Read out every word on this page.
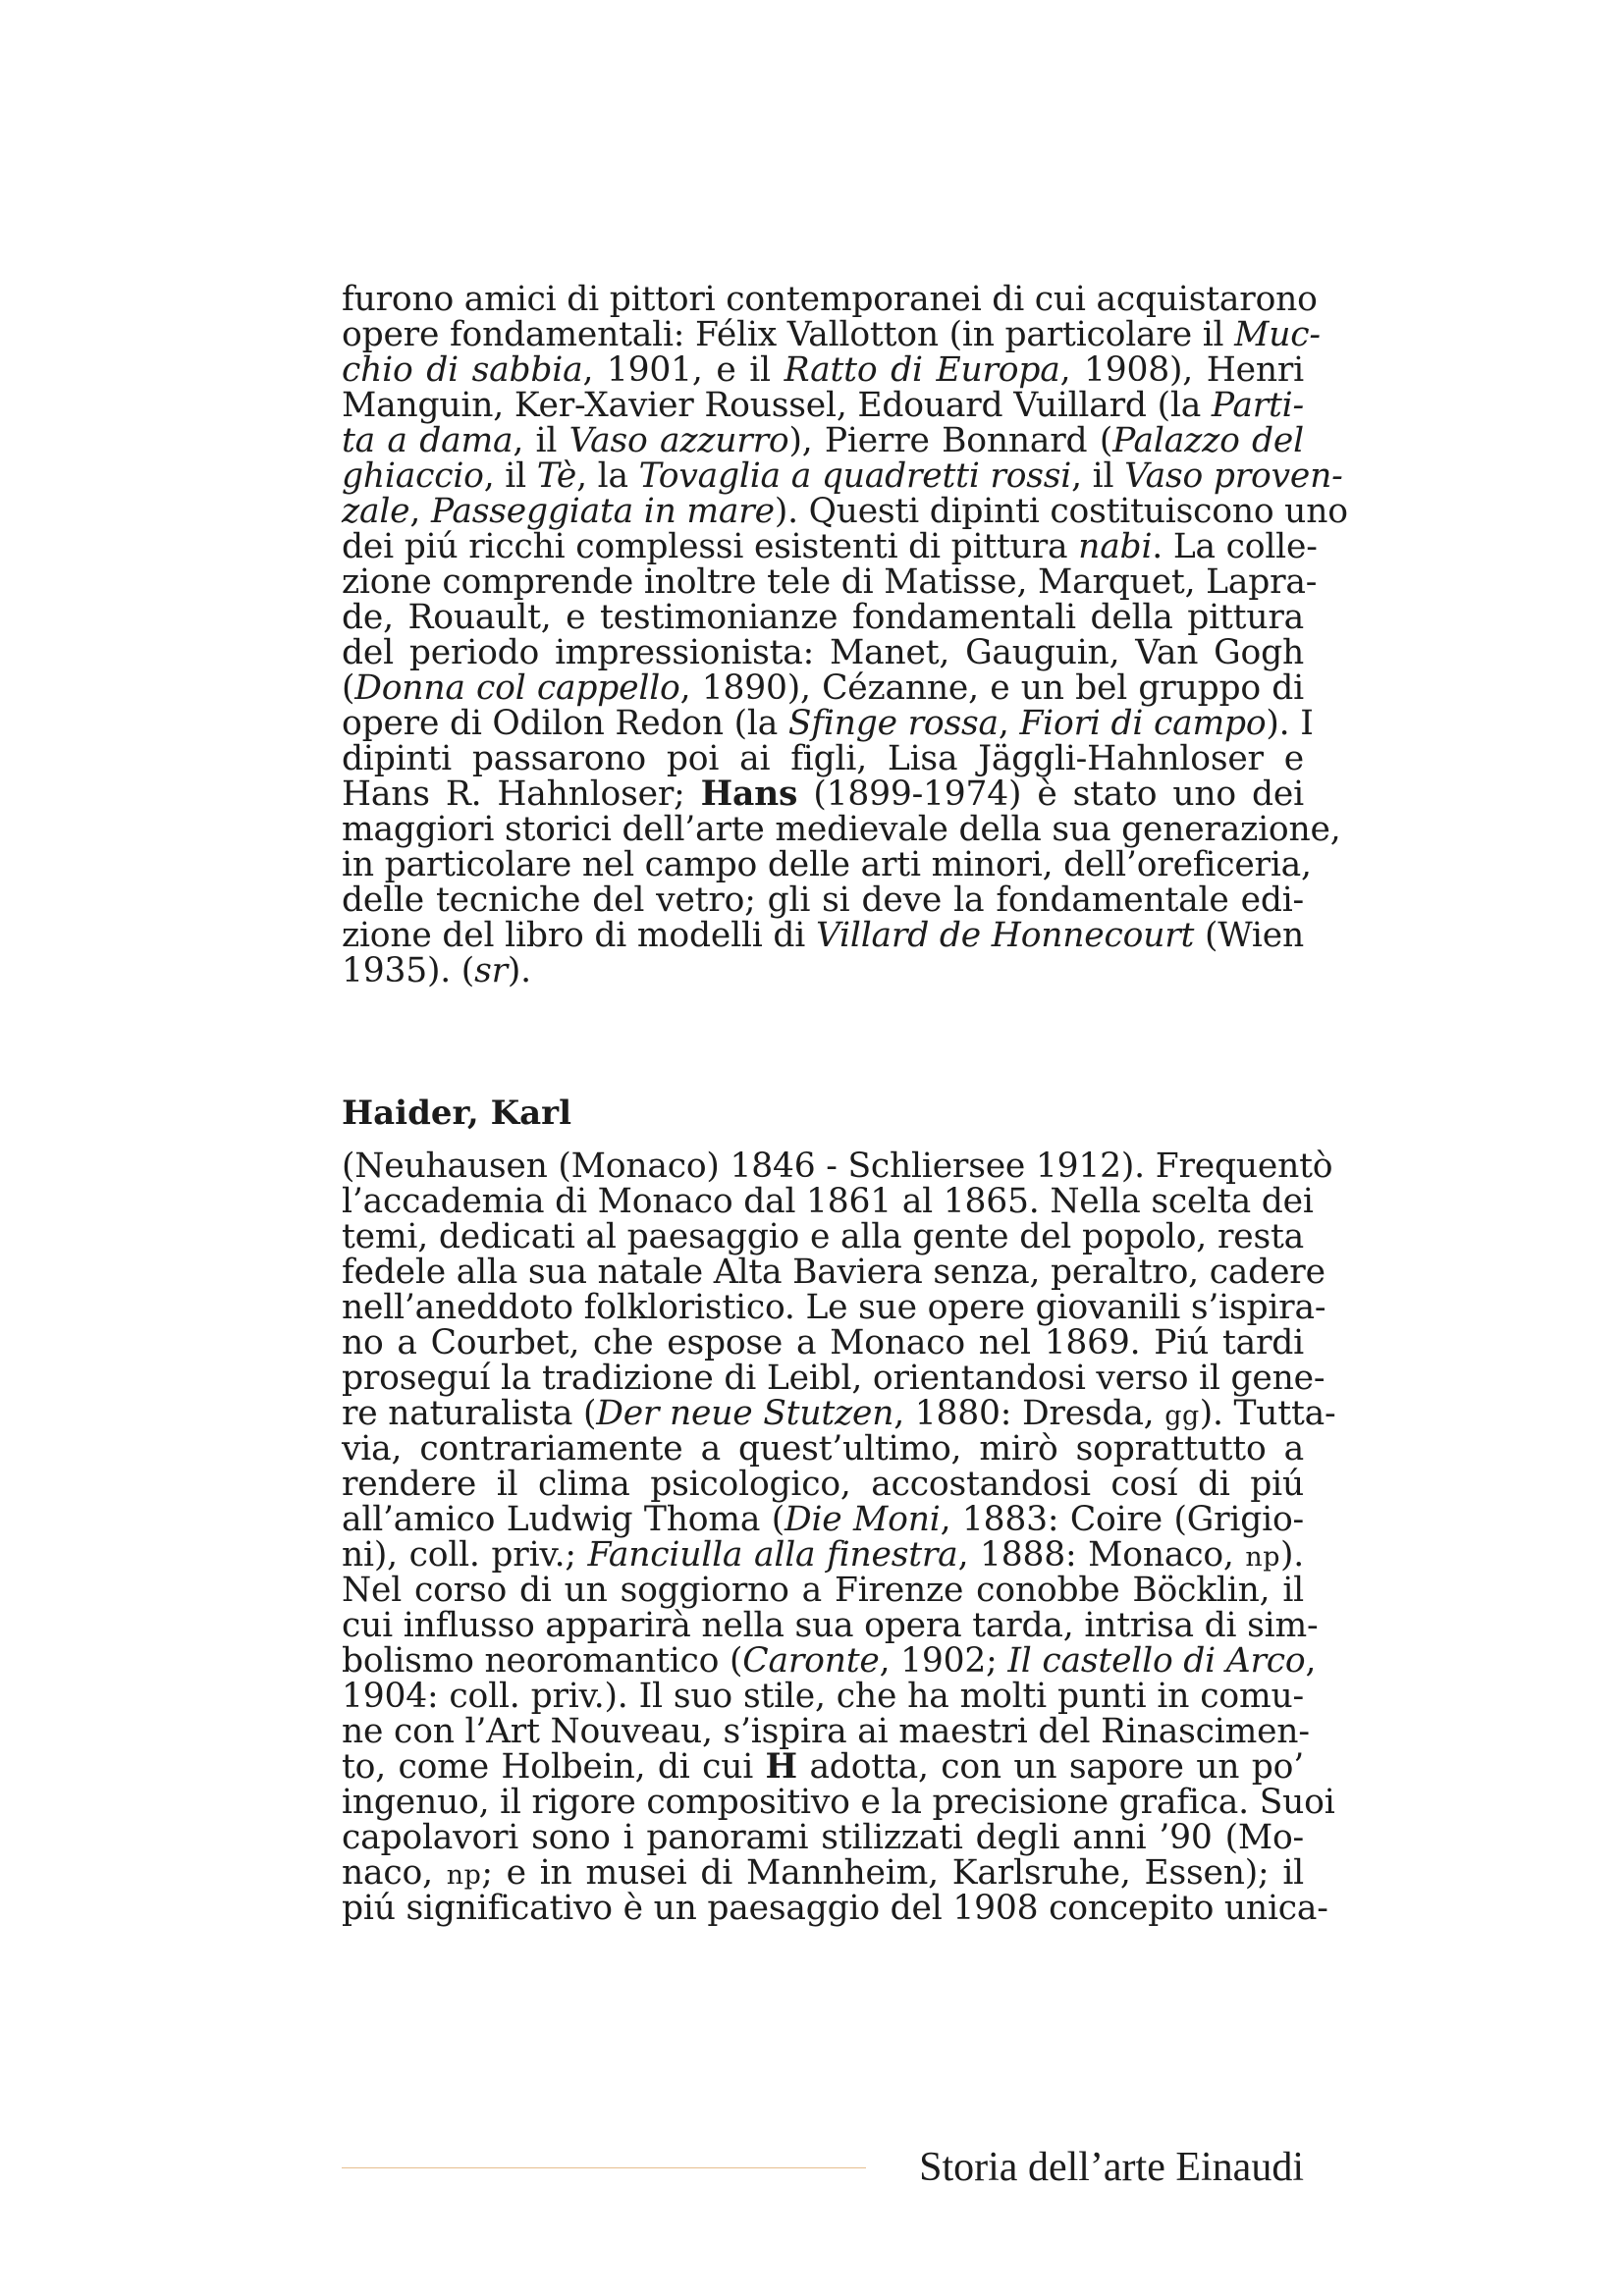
furono amici di pittori contemporanei di cui acquistarono
opere fondamentali: Félix Vallotton (in particolare il Muc-
chio di sabbia, 1901, e il Ratto di Europa, 1908), Henri
Manguin, Ker-Xavier Roussel, Edouard Vuillard (la Parti-
ta a dama, il Vaso azzurro), Pierre Bonnard (Palazzo del
ghiaccio, il Tè, la Tovaglia a quadretti rossi, il Vaso proven-
zale, Passeggiata in mare). Questi dipinti costituiscono uno
dei piú ricchi complessi esistenti di pittura nabi. La colle-
zione comprende inoltre tele di Matisse, Marquet, Lapra-
de, Rouault, e testimonianze fondamentali della pittura
del periodo impressionista: Manet, Gauguin, Van Gogh
(Donna col cappello, 1890), Cézanne, e un bel gruppo di
opere di Odilon Redon (la Sfinge rossa, Fiori di campo). I
dipinti passarono poi ai figli, Lisa Jäggli-Hahnloser e
Hans R. Hahnloser; Hans (1899-1974) è stato uno dei
maggiori storici dell’arte medievale della sua generazione,
in particolare nel campo delle arti minori, dell’oreficeria,
delle tecniche del vetro; gli si deve la fondamentale edi-
zione del libro di modelli di Villard de Honnecourt (Wien
1935). (sr).
Haider, Karl
(Neuhausen (Monaco) 1846 - Schliersee 1912). Frequentò
l’accademia di Monaco dal 1861 al 1865. Nella scelta dei
temi, dedicati al paesaggio e alla gente del popolo, resta
fedele alla sua natale Alta Baviera senza, peraltro, cadere
nell’aneddoto folkloristico. Le sue opere giovanili s’ispira-
no a Courbet, che espose a Monaco nel 1869. Piú tardi
proseguí la tradizione di Leibl, orientandosi verso il gene-
re naturalista (Der neue Stutzen, 1880: Dresda, gg). Tutta-
via, contrariamente a quest’ultimo, mirò soprattutto a
rendere il clima psicologico, accostandosi cosí di piú
all’amico Ludwig Thoma (Die Moni, 1883: Coire (Grigio-
ni), coll. priv.; Fanciulla alla finestra, 1888: Monaco, np).
Nel corso di un soggiorno a Firenze conobbe Böcklin, il
cui influsso apparirà nella sua opera tarda, intrisa di sim-
bolismo neoromantico (Caronte, 1902; Il castello di Arco,
1904: coll. priv.). Il suo stile, che ha molti punti in comu-
ne con l’Art Nouveau, s’ispira ai maestri del Rinascimen-
to, come Holbein, di cui H adotta, con un sapore un po’
ingenuo, il rigore compositivo e la precisione grafica. Suoi
capolavori sono i panorami stilizzati degli anni ’90 (Mo-
naco, np; e in musei di Mannheim, Karlsruhe, Essen); il
piú significativo è un paesaggio del 1908 concepito unica-
Storia dell’arte Einaudi
